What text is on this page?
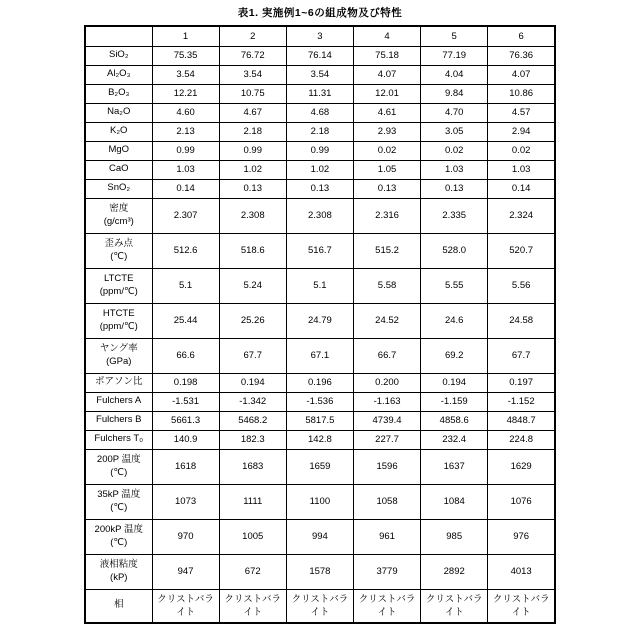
表1. 実施例1~6の組成物及び特性
	1	2	3	4	5	6

SiO₂	75.35	76.72	76.14	75.18	77.19	76.36

Al₂O₃	3.54	3.54	3.54	4.07	4.04	4.07

B₂O₃	12.21	10.75	11.31	12.01	9.84	10.86

Na₂O	4.60	4.67	4.68	4.61	4.70	4.57

K₂O	2.13	2.18	2.18	2.93	3.05	2.94

MgO	0.99	0.99	0.99	0.02	0.02	0.02

CaO	1.03	1.02	1.02	1.05	1.03	1.03

SnO₂	0.14	0.13	0.13	0.13	0.13	0.14

密度
(g/cm³)	2.307	2.308	2.308	2.316	2.335	2.324

歪み点
(℃)	512.6	518.6	516.7	515.2	528.0	520.7

LTCTE
(ppm/℃)	5.1	5.24	5.1	5.58	5.55	5.56

HTCTE
(ppm/℃)	25.44	25.26	24.79	24.52	24.6	24.58

ヤング率
(GPa)	66.6	67.7	67.1	66.7	69.2	67.7

ポアソン比	0.198	0.194	0.196	0.200	0.194	0.197

Fulchers A	-1.531	-1.342	-1.536	-1.163	-1.159	-1.152

Fulchers B	5661.3	5468.2	5817.5	4739.4	4858.6	4848.7

Fulchers T₀	140.9	182.3	142.8	227.7	232.4	224.8

200P 温度
(℃)	1618	1683	1659	1596	1637	1629

35kP 温度
(℃)	1073	1111	1100	1058	1084	1076

200kP 温度
(℃)	970	1005	994	961	985	976

液相粘度
(kP)	947	672	1578	3779	2892	4013

相	クリストバライト	クリストバライト	クリストバライト	クリストバライト	クリストバライト	クリストバライト
